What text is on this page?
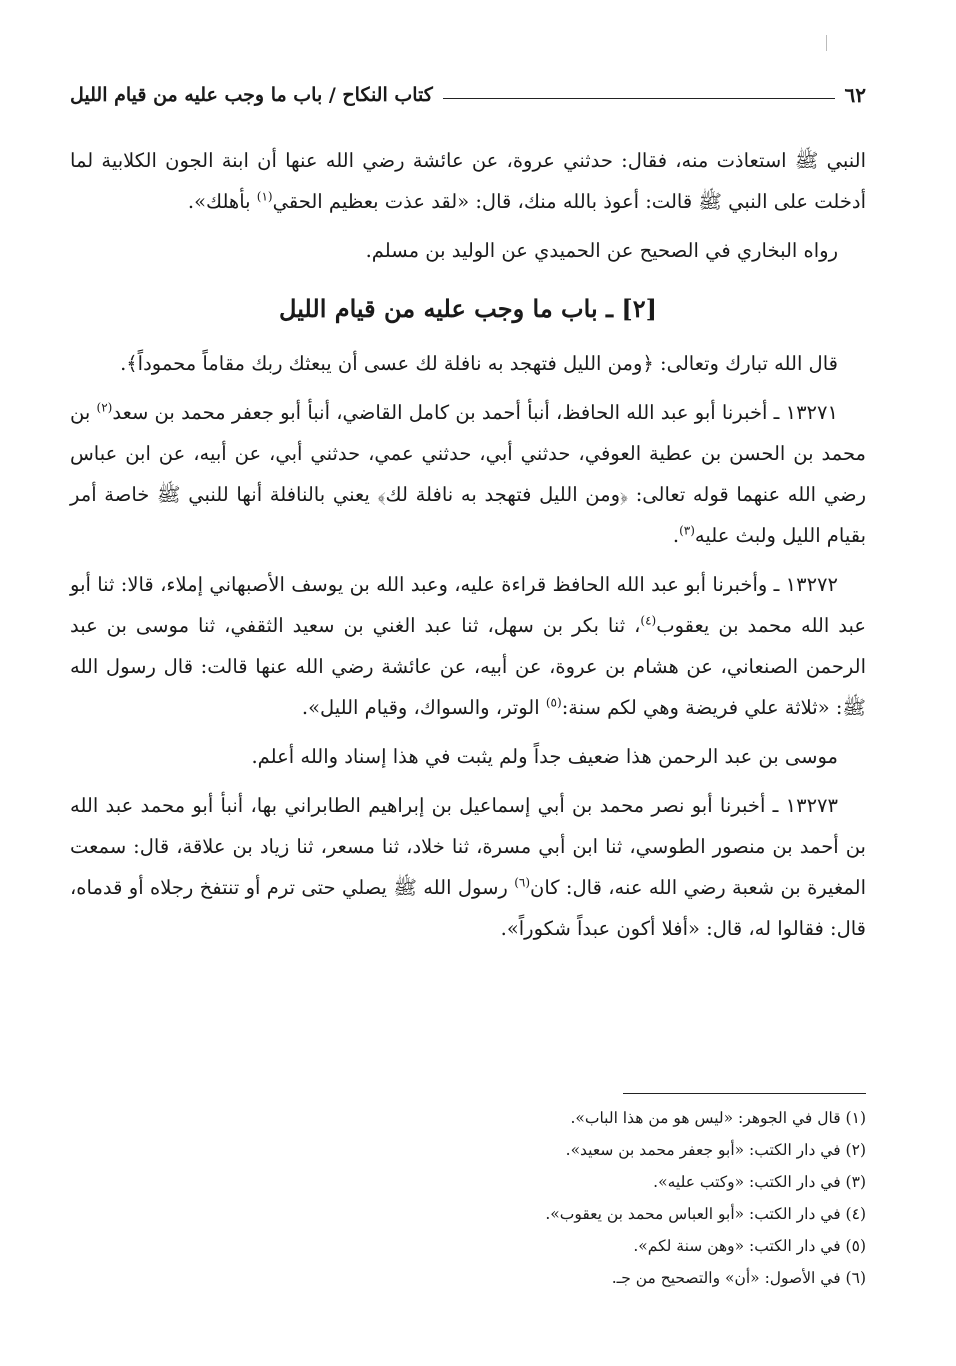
٦٢
كتاب النكاح / باب ما وجب عليه من قيام الليل

النبي ﷺ استعاذت منه، فقال: حدثني عروة، عن عائشة رضي الله عنها أن ابنة الجون الكلابية لما أدخلت على النبي ﷺ قالت: أعوذ بالله منك، قال: «لقد عذت بعظيم الحقي$^{(١)}$ بأهلك».

رواه البخاري في الصحيح عن الحميدي عن الوليد بن مسلم.

[٢] ـ باب ما وجب عليه من قيام الليل

قال الله تبارك وتعالى: ﴿ومن الليل فتهجد به نافلة لك عسى أن يبعثك ربك مقاماً محموداً﴾.

١٣٢٧١ ـ أخبرنا أبو عبد الله الحافظ، أنبأ أحمد بن كامل القاضي، أنبأ أبو جعفر محمد بن سعد$^{(٢)}$ بن محمد بن الحسن بن عطية العوفي، حدثني أبي، حدثني عمي، حدثني أبي، عن أبيه، عن ابن عباس رضي الله عنهما قوله تعالى: ﴿ومن الليل فتهجد به نافلة لك﴾ يعني بالنافلة أنها للنبي ﷺ خاصة أمر بقيام الليل ولبث عليه$^{(٣)}$.

١٣٢٧٢ ـ وأخبرنا أبو عبد الله الحافظ قراءة عليه، وعبد الله بن يوسف الأصبهاني إملاء، قالا: ثنا أبو عبد الله محمد بن يعقوب$^{(٤)}$، ثنا بكر بن سهل، ثنا عبد الغني بن سعيد الثقفي، ثنا موسى بن عبد الرحمن الصنعاني، عن هشام بن عروة، عن أبيه، عن عائشة رضي الله عنها قالت: قال رسول الله ﷺ: «ثلاثة علي فريضة وهي لكم سنة:$^{(٥)}$ الوتر، والسواك، وقيام الليل».

موسى بن عبد الرحمن هذا ضعيف جداً ولم يثبت في هذا إسناد والله أعلم.

١٣٢٧٣ ـ أخبرنا أبو نصر محمد بن أبي إسماعيل بن إبراهيم الطابراني بها، أنبأ أبو محمد عبد الله بن أحمد بن منصور الطوسي، ثنا ابن أبي مسرة، ثنا خلاد، ثنا مسعر، ثنا زياد بن علاقة، قال: سمعت المغيرة بن شعبة رضي الله عنه، قال: كان$^{(٦)}$ رسول الله ﷺ يصلي حتى ترم أو تنتفخ رجلاه أو قدماه، قال: فقالوا له، قال: «أفلا أكون عبداً شكوراً».

(١) قال في الجوهر: «ليس هو من هذا الباب».
(٢) في دار الكتب: «أبو جعفر محمد بن سعيد».
(٣) في دار الكتب: «وكتب عليه».
(٤) في دار الكتب: «أبو العباس محمد بن يعقوب».
(٥) في دار الكتب: «وهن سنة لكم».
(٦) في الأصول: «أن» والتصحيح من جـ.
